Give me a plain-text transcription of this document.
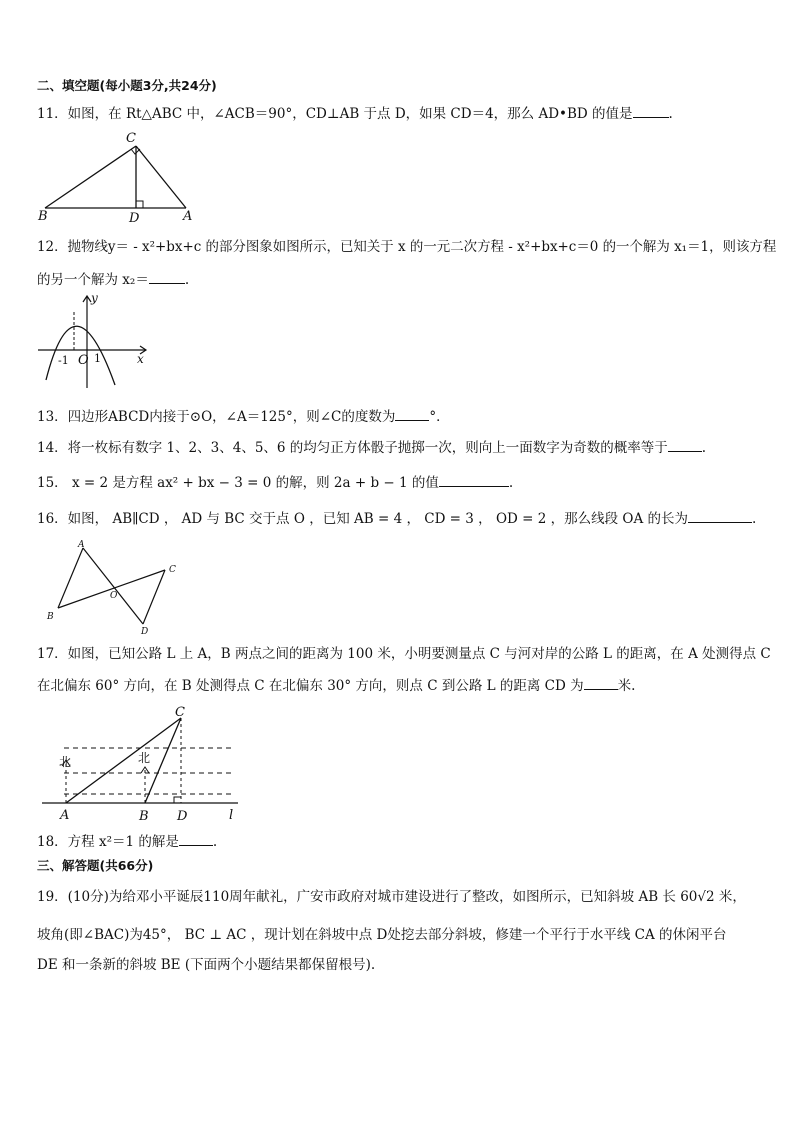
二、填空题(每小题3分,共24分)
11．如图，在 Rt△ABC 中，∠ACB＝90°，CD⊥AB 于点 D，如果 CD＝4，那么 AD•BD 的值是	.
C
B	D	A
12．抛物线y＝ - x²+bx+c 的部分图象如图所示，已知关于 x 的一元二次方程 - x²+bx+c＝0 的一个解为 x₁＝1，则该方程
的另一个解为 x₂＝	.
y
x
O
-1 1
13．四边形ABCD内接于⊙O，∠A＝125°，则∠C的度数为	°．
14．将一枚标有数字 1、2、3、4、5、6 的均匀正方体骰子抛掷一次，则向上一面数字为奇数的概率等于	.
15． x = 2 是方程 ax² + bx − 3 = 0 的解，则 2a + b − 1 的值	.
16．如图， AB∥CD ， AD 与 BC 交于点 O ，已知 AB = 4 ， CD = 3 ， OD = 2 ，那么线段 OA 的长为	.
A
B
C
D
O
17．如图，已知公路 L 上 A，B 两点之间的距离为 100 米，小明要测量点 C 与河对岸的公路 L 的距离，在 A 处测得点 C
在北偏东 60° 方向，在 B 处测得点 C 在北偏东 30° 方向，则点 C 到公路 L 的距离 CD 为	米.
C
北	北
A	B D	l
18．方程 x²＝1 的解是	.
三、解答题(共66分)
19．(10分)为给邓小平诞辰110周年献礼，广安市政府对城市建设进行了整改，如图所示，已知斜坡 AB 长 60√2 米，
坡角(即∠BAC)为45°， BC ⊥ AC ，现计划在斜坡中点 D处挖去部分斜坡，修建一个平行于水平线 CA 的休闲平台
DE 和一条新的斜坡 BE (下面两个小题结果都保留根号).
